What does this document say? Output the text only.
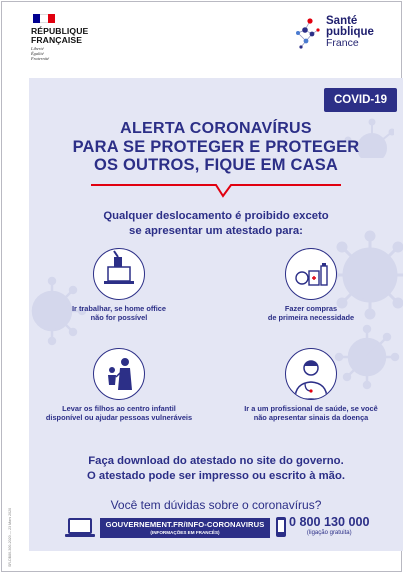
RÉPUBLIQUE
FRANÇAISE
Liberté
Égalité
Fraternité
Santé
publique
France
COVID-19
ALERTA CORONAVÍRUS
PARA SE PROTEGER E PROTEGER
OS OUTROS, FIQUE EM CASA
Qualquer deslocamento é proibido exceto
se apresentar um atestado para:
Ir trabalhar, se home office
não for possível
Fazer compras
de primeira necessidade
Levar os filhos ao centro infantil
disponível ou ajudar pessoas vulneráveis
Ir a um profissional de saúde, se você
não apresentar sinais da doença
Faça download do atestado no site do governo.
O atestado pode ser impresso ou escrito à mão.
Você tem dúvidas sobre o coronavírus?
GOUVERNEMENT.FR/INFO-CORONAVIRUS
(INFORMAÇÕES EM FRANCÊS)
0 800 130 000
(ligação gratuita)
SR-DB80-300-2020 — 23 Mars 2020
